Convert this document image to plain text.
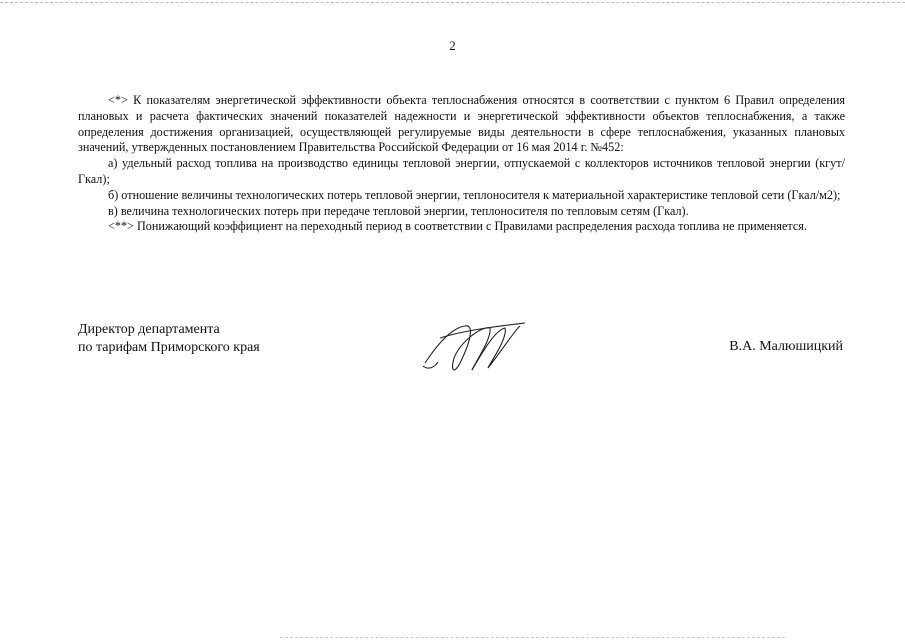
2

<*> К показателям энергетической эффективности объекта теплоснабжения относятся в соответствии с пунктом 6 Правил определения плановых и расчета фактических значений показателей надежности и энергетической эффективности объектов теплоснабжения, а также определения достижения организацией, осуществляющей регулируемые виды деятельности в сфере теплоснабжения, указанных плановых значений, утвержденных постановлением Правительства Российской Федерации от 16 мая 2014 г. №452:

а) удельный расход топлива на производство единицы тепловой энергии, отпускаемой с коллекторов источников тепловой энергии (кгут/Гкал);

б) отношение величины технологических потерь тепловой энергии, теплоносителя к материальной характеристике тепловой сети (Гкал/м2);

в) величина технологических потерь при передаче тепловой энергии, теплоносителя по тепловым сетям (Гкал).

<**> Понижающий коэффициент на переходный период в соответствии с Правилами распределения расхода топлива не применяется.

Директор департамента
по тарифам Приморского края	В.А. Малюшицкий
